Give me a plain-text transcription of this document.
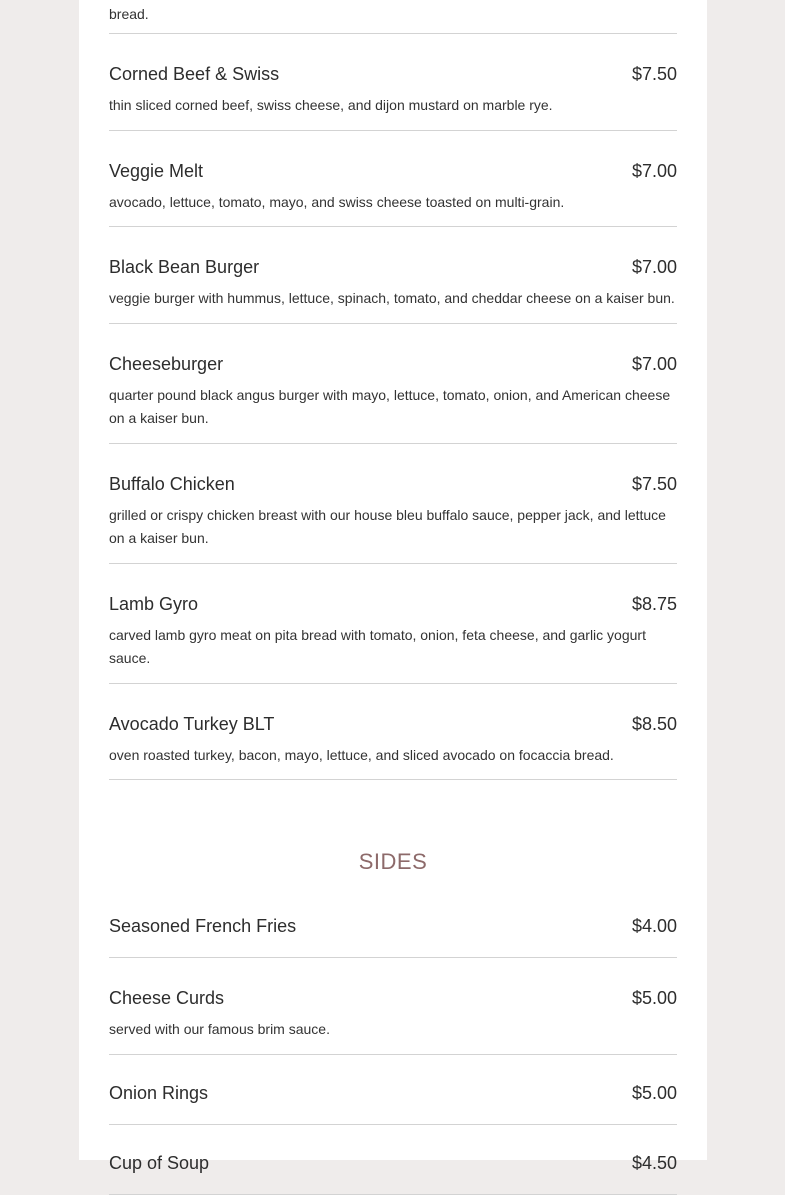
bread.

Corned Beef & Swiss	$7.50
thin sliced corned beef, swiss cheese, and dijon mustard on marble rye.
Veggie Melt	$7.00
avocado, lettuce, tomato, mayo, and swiss cheese toasted on multi-grain.
Black Bean Burger	$7.00
veggie burger with hummus, lettuce, spinach, tomato, and cheddar cheese on a kaiser bun.
Cheeseburger	$7.00
quarter pound black angus burger with mayo, lettuce, tomato, onion, and American cheese on a kaiser bun.
Buffalo Chicken	$7.50
grilled or crispy chicken breast with our house bleu buffalo sauce, pepper jack, and lettuce on a kaiser bun.
Lamb Gyro	$8.75
carved lamb gyro meat on pita bread with tomato, onion, feta cheese, and garlic yogurt sauce.
Avocado Turkey BLT	$8.50
oven roasted turkey, bacon, mayo, lettuce, and sliced avocado on focaccia bread.
SIDES
Seasoned French Fries	$4.00
Cheese Curds	$5.00
served with our famous brim sauce.
Onion Rings	$5.00
Cup of Soup	$4.50
